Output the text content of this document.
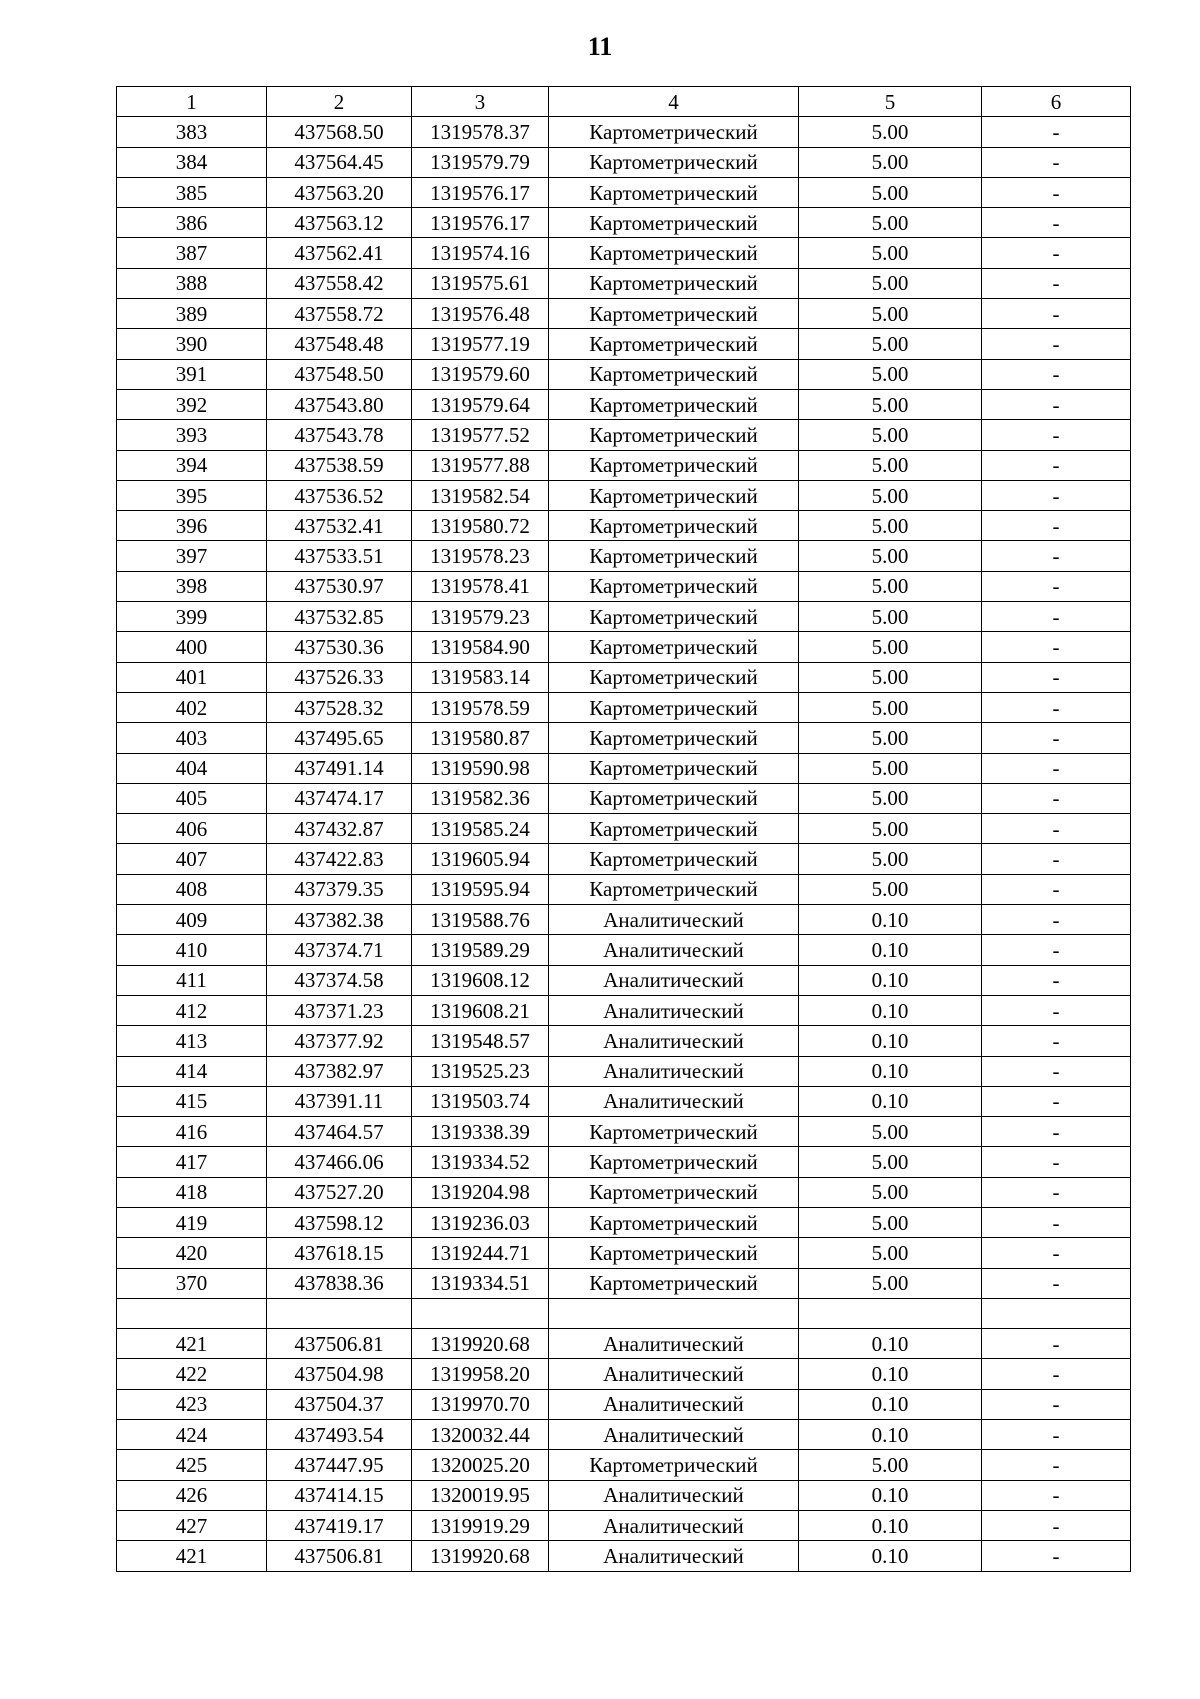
11
1	2	3	4	5	6
383	437568.50	1319578.37	Картометрический	5.00	-
384	437564.45	1319579.79	Картометрический	5.00	-
385	437563.20	1319576.17	Картометрический	5.00	-
386	437563.12	1319576.17	Картометрический	5.00	-
387	437562.41	1319574.16	Картометрический	5.00	-
388	437558.42	1319575.61	Картометрический	5.00	-
389	437558.72	1319576.48	Картометрический	5.00	-
390	437548.48	1319577.19	Картометрический	5.00	-
391	437548.50	1319579.60	Картометрический	5.00	-
392	437543.80	1319579.64	Картометрический	5.00	-
393	437543.78	1319577.52	Картометрический	5.00	-
394	437538.59	1319577.88	Картометрический	5.00	-
395	437536.52	1319582.54	Картометрический	5.00	-
396	437532.41	1319580.72	Картометрический	5.00	-
397	437533.51	1319578.23	Картометрический	5.00	-
398	437530.97	1319578.41	Картометрический	5.00	-
399	437532.85	1319579.23	Картометрический	5.00	-
400	437530.36	1319584.90	Картометрический	5.00	-
401	437526.33	1319583.14	Картометрический	5.00	-
402	437528.32	1319578.59	Картометрический	5.00	-
403	437495.65	1319580.87	Картометрический	5.00	-
404	437491.14	1319590.98	Картометрический	5.00	-
405	437474.17	1319582.36	Картометрический	5.00	-
406	437432.87	1319585.24	Картометрический	5.00	-
407	437422.83	1319605.94	Картометрический	5.00	-
408	437379.35	1319595.94	Картометрический	5.00	-
409	437382.38	1319588.76	Аналитический	0.10	-
410	437374.71	1319589.29	Аналитический	0.10	-
411	437374.58	1319608.12	Аналитический	0.10	-
412	437371.23	1319608.21	Аналитический	0.10	-
413	437377.92	1319548.57	Аналитический	0.10	-
414	437382.97	1319525.23	Аналитический	0.10	-
415	437391.11	1319503.74	Аналитический	0.10	-
416	437464.57	1319338.39	Картометрический	5.00	-
417	437466.06	1319334.52	Картометрический	5.00	-
418	437527.20	1319204.98	Картометрический	5.00	-
419	437598.12	1319236.03	Картометрический	5.00	-
420	437618.15	1319244.71	Картометрический	5.00	-
370	437838.36	1319334.51	Картометрический	5.00	-

421	437506.81	1319920.68	Аналитический	0.10	-
422	437504.98	1319958.20	Аналитический	0.10	-
423	437504.37	1319970.70	Аналитический	0.10	-
424	437493.54	1320032.44	Аналитический	0.10	-
425	437447.95	1320025.20	Картометрический	5.00	-
426	437414.15	1320019.95	Аналитический	0.10	-
427	437419.17	1319919.29	Аналитический	0.10	-
421	437506.81	1319920.68	Аналитический	0.10	-
